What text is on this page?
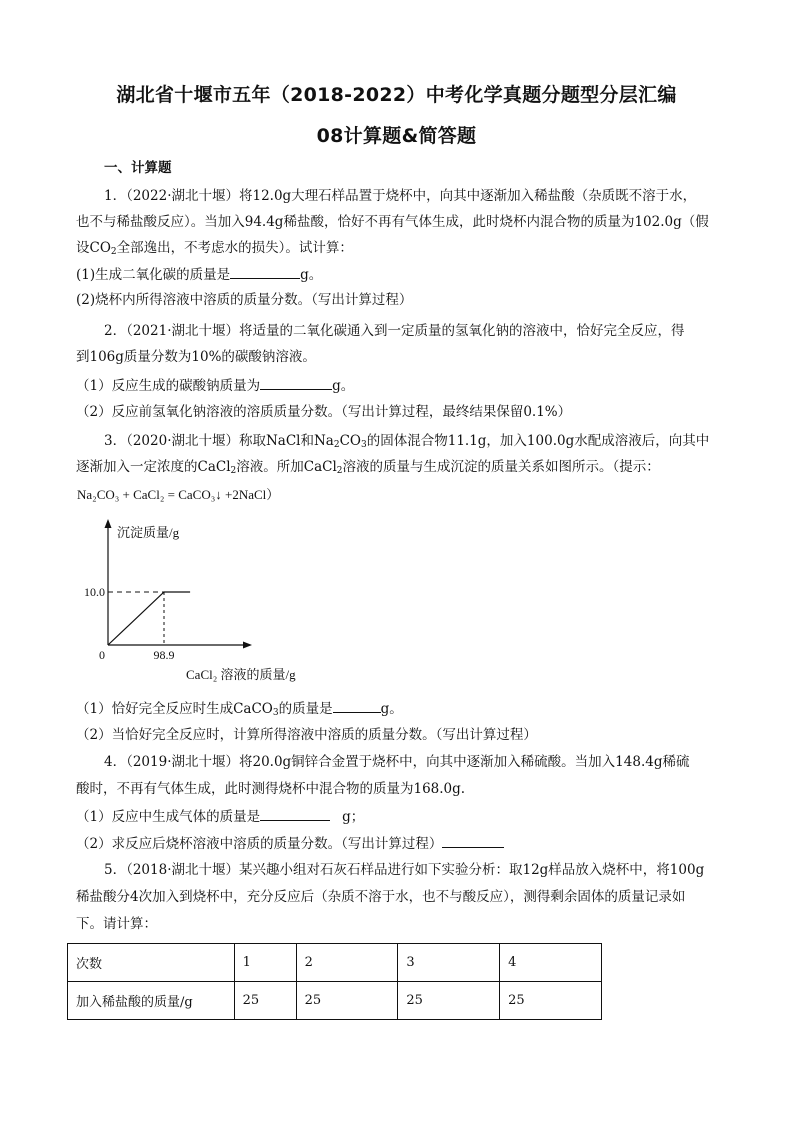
湖北省十堰市五年（2018-2022）中考化学真题分题型分层汇编
08计算题&简答题
一、计算题
1．（2022·湖北十堰）将12.0g大理石样品置于烧杯中，向其中逐渐加入稀盐酸（杂质既不溶于水，
也不与稀盐酸反应）。当加入94.4g稀盐酸，恰好不再有气体生成，此时烧杯内混合物的质量为102.0g（假
设$CO_2$全部逸出，不考虑水的损失）。试计算：
(1)生成二氧化碳的质量是	g。
(2)烧杯内所得溶液中溶质的质量分数。（写出计算过程）
2．（2021·湖北十堰）将适量的二氧化碳通入到一定质量的氢氧化钠的溶液中，恰好完全反应，得
到106g质量分数为10%的碳酸钠溶液。
（1）反应生成的碳酸钠质量为	g。
（2）反应前氢氧化钠溶液的溶质质量分数。（写出计算过程，最终结果保留0.1%）
3．（2020·湖北十堰）称取NaCl和$Na_2CO_3$的固体混合物11.1g，加入100.0g水配成溶液后，向其中
逐渐加入一定浓度的CaCl$_2$溶液。所加CaCl$_2$溶液的质量与生成沉淀的质量关系如图所示。（提示：
Na₂CO₃ + CaCl₂ = CaCO₃↓ +2NaCl）
沉淀质量/g
CaCl₂ 溶液的质量/g
0	98.9
10.0
（1）恰好完全反应时生成CaCO$_3$的质量是	g。
（2）当恰好完全反应时，计算所得溶液中溶质的质量分数。（写出计算过程）
4．（2019·湖北十堰）将20.0g铜锌合金置于烧杯中，向其中逐渐加入稀硫酸。当加入148.4g稀硫
酸时，不再有气体生成，此时测得烧杯中混合物的质量为168.0g.
（1）反应中生成气体的质量是	g；
（2）求反应后烧杯溶液中溶质的质量分数。（写出计算过程）
5．（2018·湖北十堰）某兴趣小组对石灰石样品进行如下实验分析：取12g样品放入烧杯中，将100g
稀盐酸分4次加入到烧杯中，充分反应后（杂质不溶于水，也不与酸反应），测得剩余固体的质量记录如
下。请计算：
次数	1	2	3	4
加入稀盐酸的质量/g	25	25	25	25
